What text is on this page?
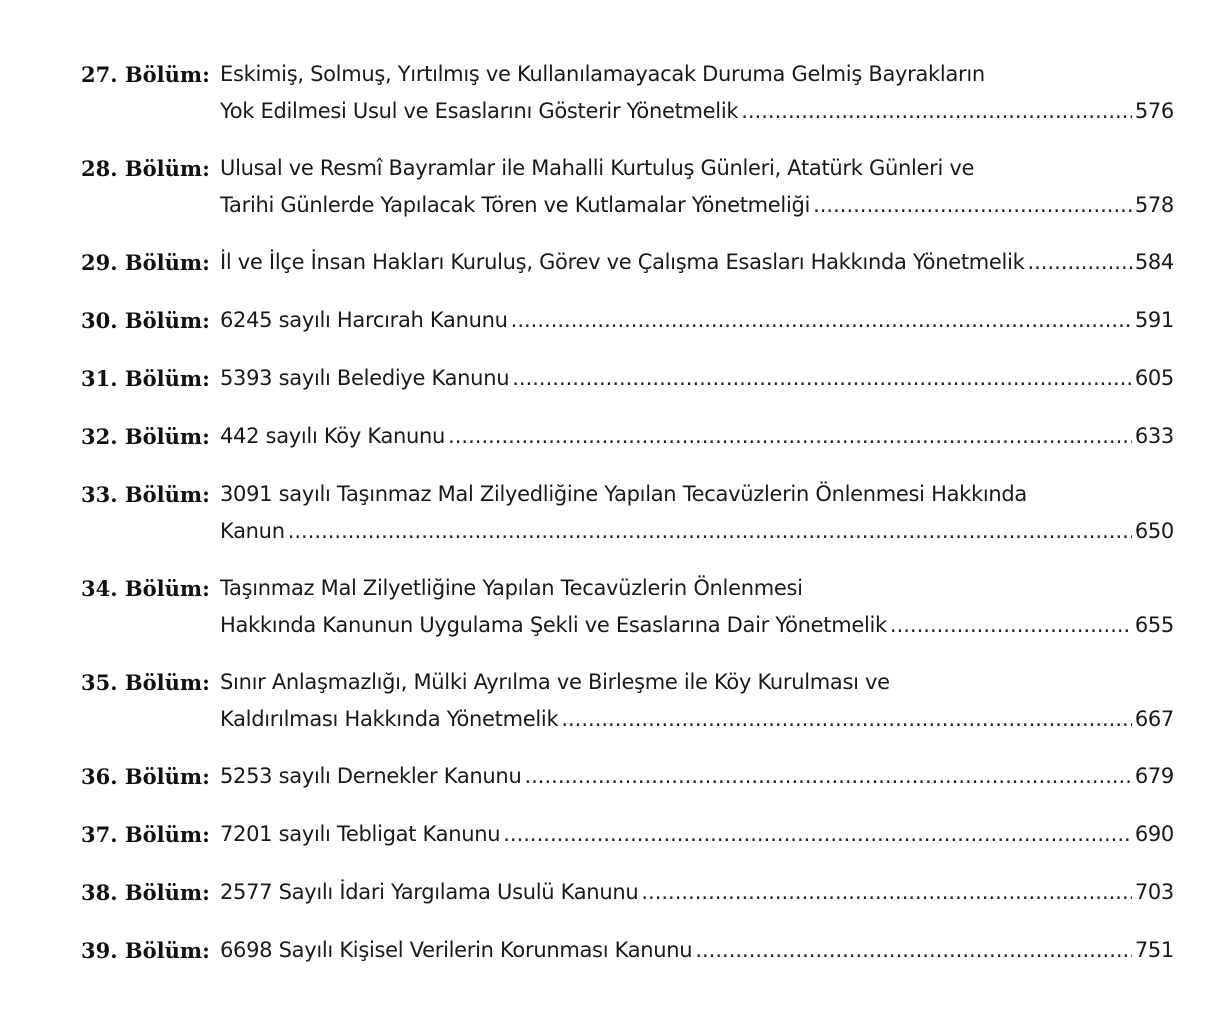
27. Bölüm: Eskimiş, Solmuş, Yırtılmış ve Kullanılamayacak Duruma Gelmiş Bayrakların
Yok Edilmesi Usul ve Esaslarını Gösterir Yönetmelik .....	576
28. Bölüm: Ulusal ve Resmî Bayramlar ile Mahalli Kurtuluş Günleri, Atatürk Günleri ve
Tarihi Günlerde Yapılacak Tören ve Kutlamalar Yönetmeliği .....	578
29. Bölüm: İl ve İlçe İnsan Hakları Kuruluş, Görev ve Çalışma Esasları Hakkında Yönetmelik .....	584
30. Bölüm: 6245 sayılı Harcırah Kanunu .....	591
31. Bölüm: 5393 sayılı Belediye Kanunu .....	605
32. Bölüm: 442 sayılı Köy Kanunu .....	633
33. Bölüm: 3091 sayılı Taşınmaz Mal Zilyedliğine Yapılan Tecavüzlerin Önlenmesi Hakkında
Kanun .....	650
34. Bölüm: Taşınmaz Mal Zilyetliğine Yapılan Tecavüzlerin Önlenmesi
Hakkında Kanunun Uygulama Şekli ve Esaslarına Dair Yönetmelik .....	655
35. Bölüm: Sınır Anlaşmazlığı, Mülki Ayrılma ve Birleşme ile Köy Kurulması ve
Kaldırılması Hakkında Yönetmelik .....	667
36. Bölüm: 5253 sayılı Dernekler Kanunu .....	679
37. Bölüm: 7201 sayılı Tebligat Kanunu .....	690
38. Bölüm: 2577 Sayılı İdari Yargılama Usulü Kanunu .....	703
39. Bölüm: 6698 Sayılı Kişisel Verilerin Korunması Kanunu .....	751
